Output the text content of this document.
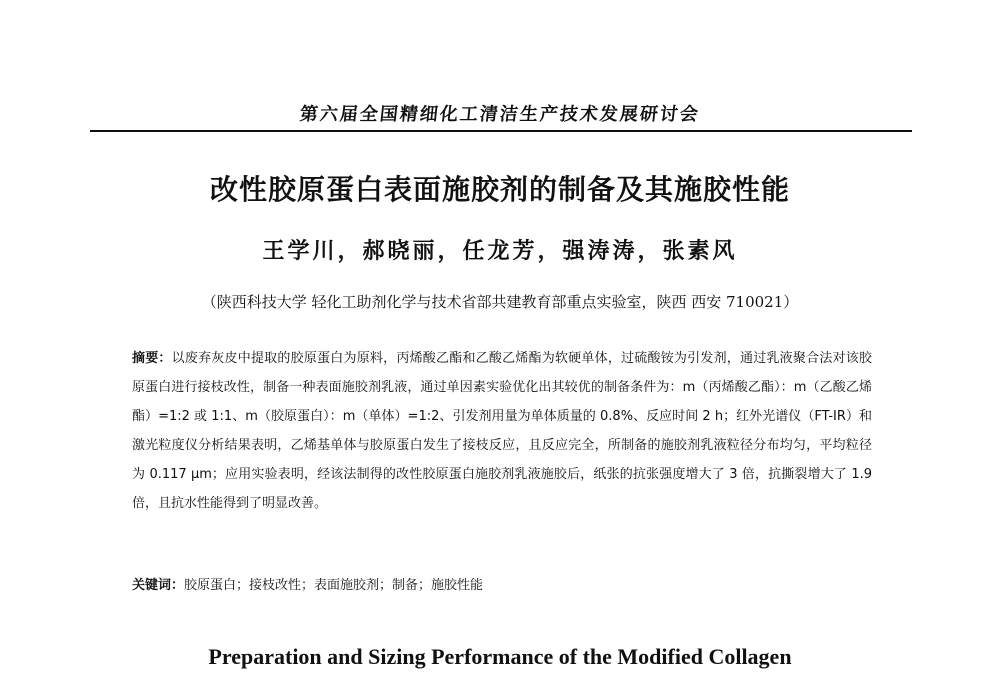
第六届全国精细化工清洁生产技术发展研讨会
改性胶原蛋白表面施胶剂的制备及其施胶性能
王学川，郝晓丽，任龙芳，强涛涛，张素风
（陕西科技大学 轻化工助剂化学与技术省部共建教育部重点实验室，陕西 西安 710021）
摘要：以废弃灰皮中提取的胶原蛋白为原料，丙烯酸乙酯和乙酸乙烯酯为软硬单体，过硫酸铵为引发剂，通过乳液聚合法对该胶原蛋白进行接枝改性，制备一种表面施胶剂乳液，通过单因素实验优化出其较优的制备条件为：m（丙烯酸乙酯）：m（乙酸乙烯酯）=1:2 或 1:1、m（胶原蛋白）：m（单体）=1:2、引发剂用量为单体质量的 0.8%、反应时间 2 h；红外光谱仪（FT-IR）和激光粒度仪分析结果表明，乙烯基单体与胶原蛋白发生了接枝反应，且反应完全，所制备的施胶剂乳液粒径分布均匀，平均粒径为 0.117 μm；应用实验表明，经该法制得的改性胶原蛋白施胶剂乳液施胶后，纸张的抗张强度增大了 3 倍，抗撕裂增大了 1.9 倍，且抗水性能得到了明显改善。
关键词：胶原蛋白；接枝改性；表面施胶剂；制备；施胶性能
Preparation and Sizing Performance of the Modified Collagen
